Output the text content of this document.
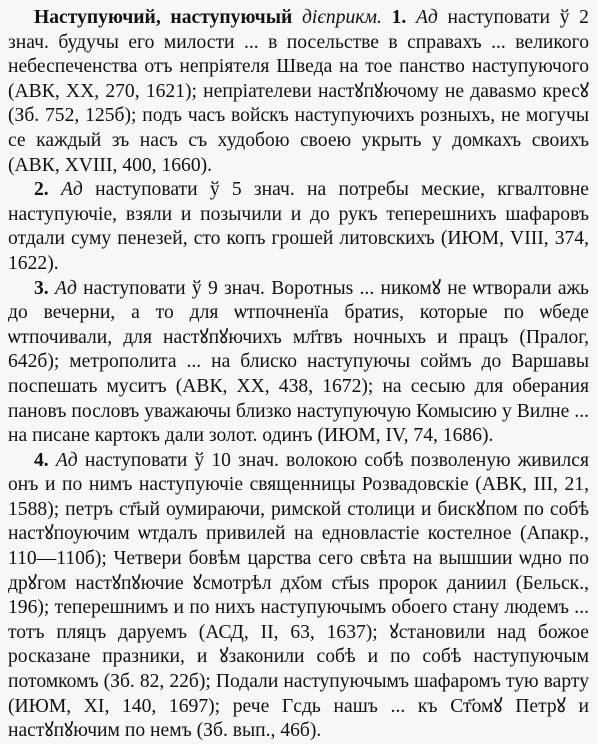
Наступуючий, наступуючый дієприкм. 1. Ад наступовати ў 2 знач. будучы его милости ... в посельстве в справахъ ... великого небеспеченства отъ непріятеля Шведа на тое панство наступуючого (АВК, XX, 270, 1621); непріателеви настꙋпꙋючому не даваsмо кресꙋ (Зб. 752, 125б); подъ часъ войскъ наступуючихъ розныхъ, не могучы се каждый зъ насъ съ худобою своею укрыть у домкахъ своихъ (АВК, XVIII, 400, 1660).

2. Ад наступовати ў 5 знач. на потребы меские, кгвалтовне наступуючіе, взяли и позычили и до рукъ теперешнихъ шафаровъ отдали суму пенезей, сто копъ грошей литовскихъ (ИЮМ, VIII, 374, 1622).

3. Ад наступовати ў 9 знач. Воротныs ... никомꙋ не ѡтворали ажь до вечерни, а то для ѡтпочненїа братиs, которые по ѡбеде ѡтпочивали, для настꙋпꙋючихъ мл҃твъ ночныхъ и працъ (Пралог, 642б); метрополита ... на блиско наступуючы соймъ до Варшавы поспешать муситъ (АВК, XX, 438, 1672); на сесыю для оберания пановъ пословъ уважаючы близко наступуючую Комысию у Вилне ... на писане картокъ дали золот. одинъ (ИЮМ, IV, 74, 1686).

4. Ад наступовати ў 10 знач. волокою собѣ позволеную живился онъ и по нимъ наступуючіе священницы Розвадовскіе (АВК, III, 21, 1588); петръ ст҃ый оумираючи, римской столици и бискꙋпом по собѣ настꙋпоуючим ѡтдалъ привилей на едновластіе костелное (Апакр., 110—110б); Четвери бовѣм царства сего свѣта на вышшии ѡдно по дрꙋгом настꙋпꙋючие ꙋсмотрѣл дх҃ом ст҃ыs пророк даниил (Бельск., 196); теперешнимъ и по нихъ наступуючымъ обоего стану людемъ ... тотъ пляцъ даруемъ (АСД, II, 63, 1637); ꙋстановили над божое росказане празники, и ꙋзаконили собѣ и по собѣ наступуючым потомкомъ (Зб. 82, 22б); Подали наступуючымъ шафаромъ тую варту (ИЮМ, XI, 140, 1697); рече Гсдь нашъ ... къ Ст҃омꙋ Петрꙋ и настꙋпꙋючим по немъ (Зб. вып., 46б).
